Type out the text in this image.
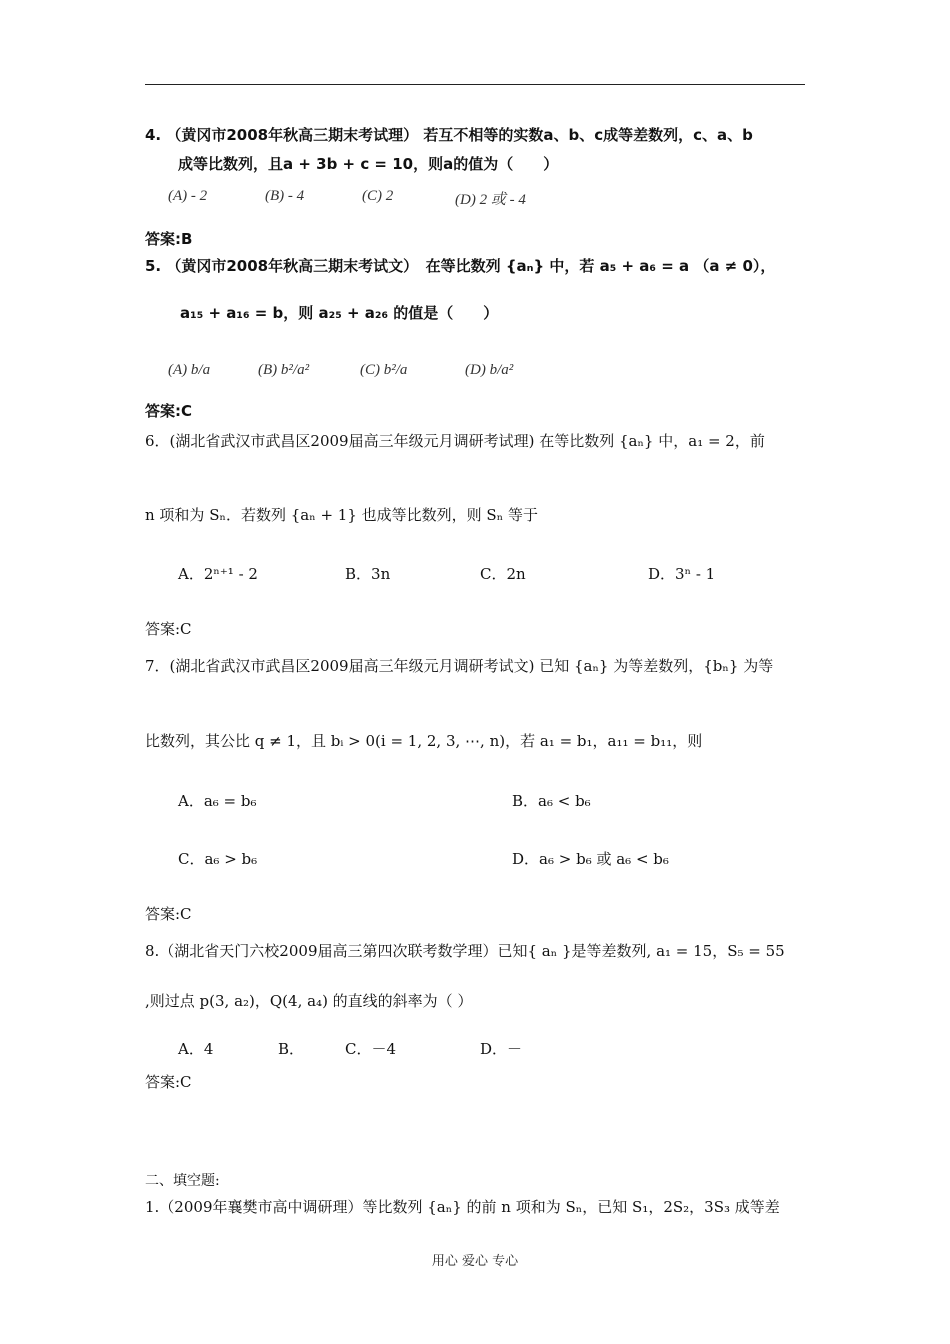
4. （黄冈市2008年秋高三期末考试理） 若互不相等的实数a、b、c成等差数列，c、a、b
成等比数列，且a + 3b + c = 10，则a的值为（　　）
(A) - 2	(B) - 4	(C) 2	(D) 2 或 - 4
答案:B
5. （黄冈市2008年秋高三期末考试文）　在等比数列 {aₙ} 中，若 a₅ + a₆ = a （a ≠ 0），
a₁₅ + a₁₆ = b，则 a₂₅ + a₂₆ 的值是（　　）
(A) b/a	(B) b²/a²	(C) b²/a	(D) b/a²
答案:C
6．(湖北省武汉市武昌区2009届高三年级元月调研考试理) 在等比数列 {aₙ} 中，a₁ = 2，前
n 项和为 Sₙ．若数列 {aₙ + 1} 也成等比数列，则 Sₙ 等于
A．2ⁿ⁺¹ - 2	B．3n	C．2n	D．3ⁿ - 1
答案:C
7．(湖北省武汉市武昌区2009届高三年级元月调研考试文) 已知 {aₙ} 为等差数列，{bₙ} 为等
比数列，其公比 q ≠ 1，且 bᵢ > 0(i = 1, 2, 3, ⋯, n)，若 a₁ = b₁，a₁₁ = b₁₁，则
A．a₆ = b₆	B．a₆ < b₆
C．a₆ > b₆	D．a₆ > b₆ 或 a₆ < b₆
答案:C
8.（湖北省天门六校2009届高三第四次联考数学理）已知{ aₙ }是等差数列, a₁ = 15，S₅ = 55
,则过点 p(3, a₂)，Q(4, a₄) 的直线的斜率为（ ）
A．4	B．	C．－4	D．－
答案:C
二、填空题:
1.（2009年襄樊市高中调研理）等比数列 {aₙ} 的前 n 项和为 Sₙ，已知 S₁，2S₂，3S₃ 成等差
用心 爱心 专心
